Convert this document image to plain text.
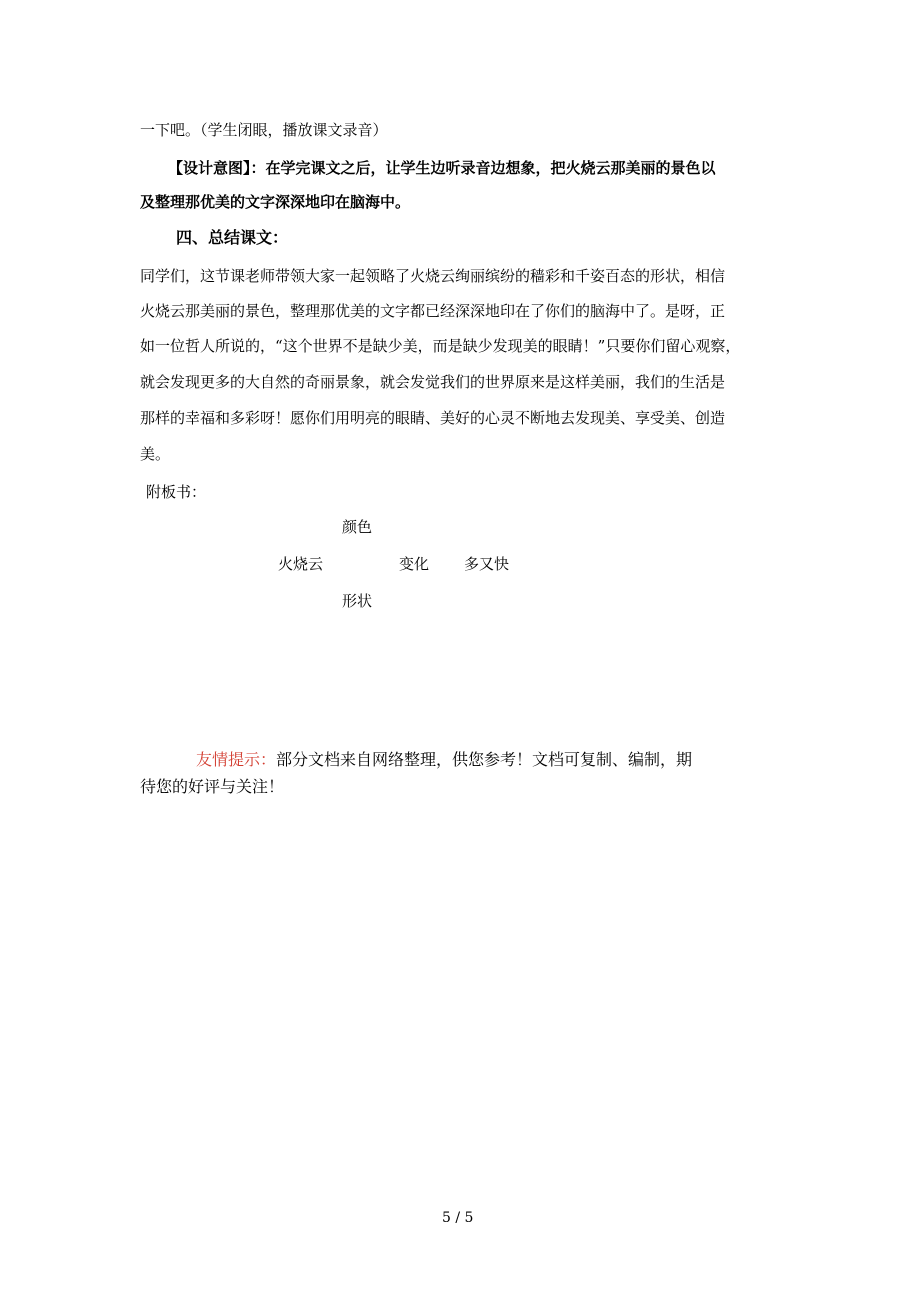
一下吧。（学生闭眼，播放课文录音）
【设计意图】：在学完课文之后，让学生边听录音边想象，把火烧云那美丽的景色以
及整理那优美的文字深深地印在脑海中。
四、总结课文：
同学们，这节课老师带领大家一起领略了火烧云绚丽缤纷的穑彩和千姿百态的形状，相信
火烧云那美丽的景色，整理那优美的文字都已经深深地印在了你们的脑海中了。是呀，正
如一位哲人所说的，“这个世界不是缺少美，而是缺少发现美的眼睛！”只要你们留心观察，
就会发现更多的大自然的奇丽景象，就会发觉我们的世界原来是这样美丽，我们的生活是
那样的幸福和多彩呀！愿你们用明亮的眼睛、美好的心灵不断地去发现美、享受美、创造
美。
附板书：
颜色
火烧云	变化 多又快
形状
友情提示：部分文档来自网络整理，供您参考！文档可复制、编制，期
待您的好评与关注！
5 / 5
